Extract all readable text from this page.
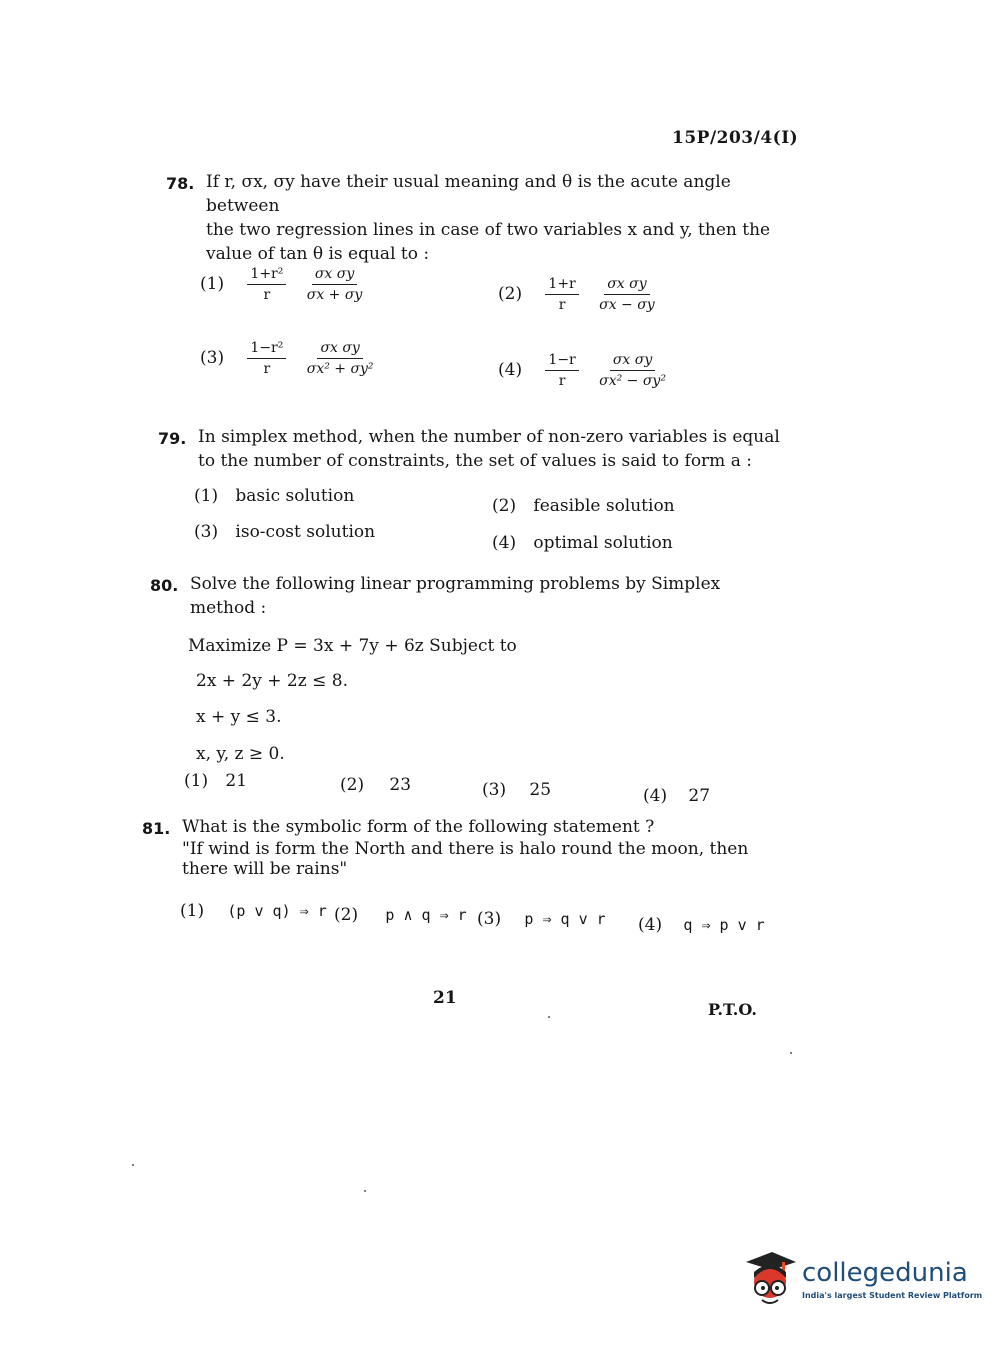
15P/203/4(I)
78. If r, σx, σy have their usual meaning and θ is the acute angle between
the two regression lines in case of two variables x and y, then the
value of tan θ is equal to :
$(1) \frac{\text{1+r²}}{r}$
$\frac{\text{σx σy}}{\sigma x + \sigma y}$	$(2) \frac{1+r}{r}$
$\frac{\text{σx σy}}{\sigma x - \sigma y}$
$(3) \frac{\text{1−r²}}{r}$
$\frac{\text{σx σy}}{\text{σx² + σy²}}$	$(4) \frac{1-r}{r}$
$\frac{\text{σx σy}}{\text{σx² − σy²}}$
79. In simplex method, when the number of non-zero variables is equal
to the number of constraints, the set of values is said to form a :
(1) basic solution	(2) feasible solution
(3) iso-cost solution
(4) optimal solution
80. Solve the following linear programming problems by Simplex
method :
Maximize P = 3x + 7y + 6z Subject to
2x + 2y + 2z ≤ 8.
x + y ≤ 3.
x, y, z ≥ 0.
(1) 21	(2) 23	(3) 25	(4) 27
81. What is the symbolic form of the following statement ?
"If wind is form the North and there is halo round the moon, then
there will be rains"
(1) (p v q) ⇒ r (2) p ∧ q ⇒ r (3) p ⇒ q v r (4) q ⇒ p v r
21
P.T.O.
collegedunia
India's largest Student Review Platform
